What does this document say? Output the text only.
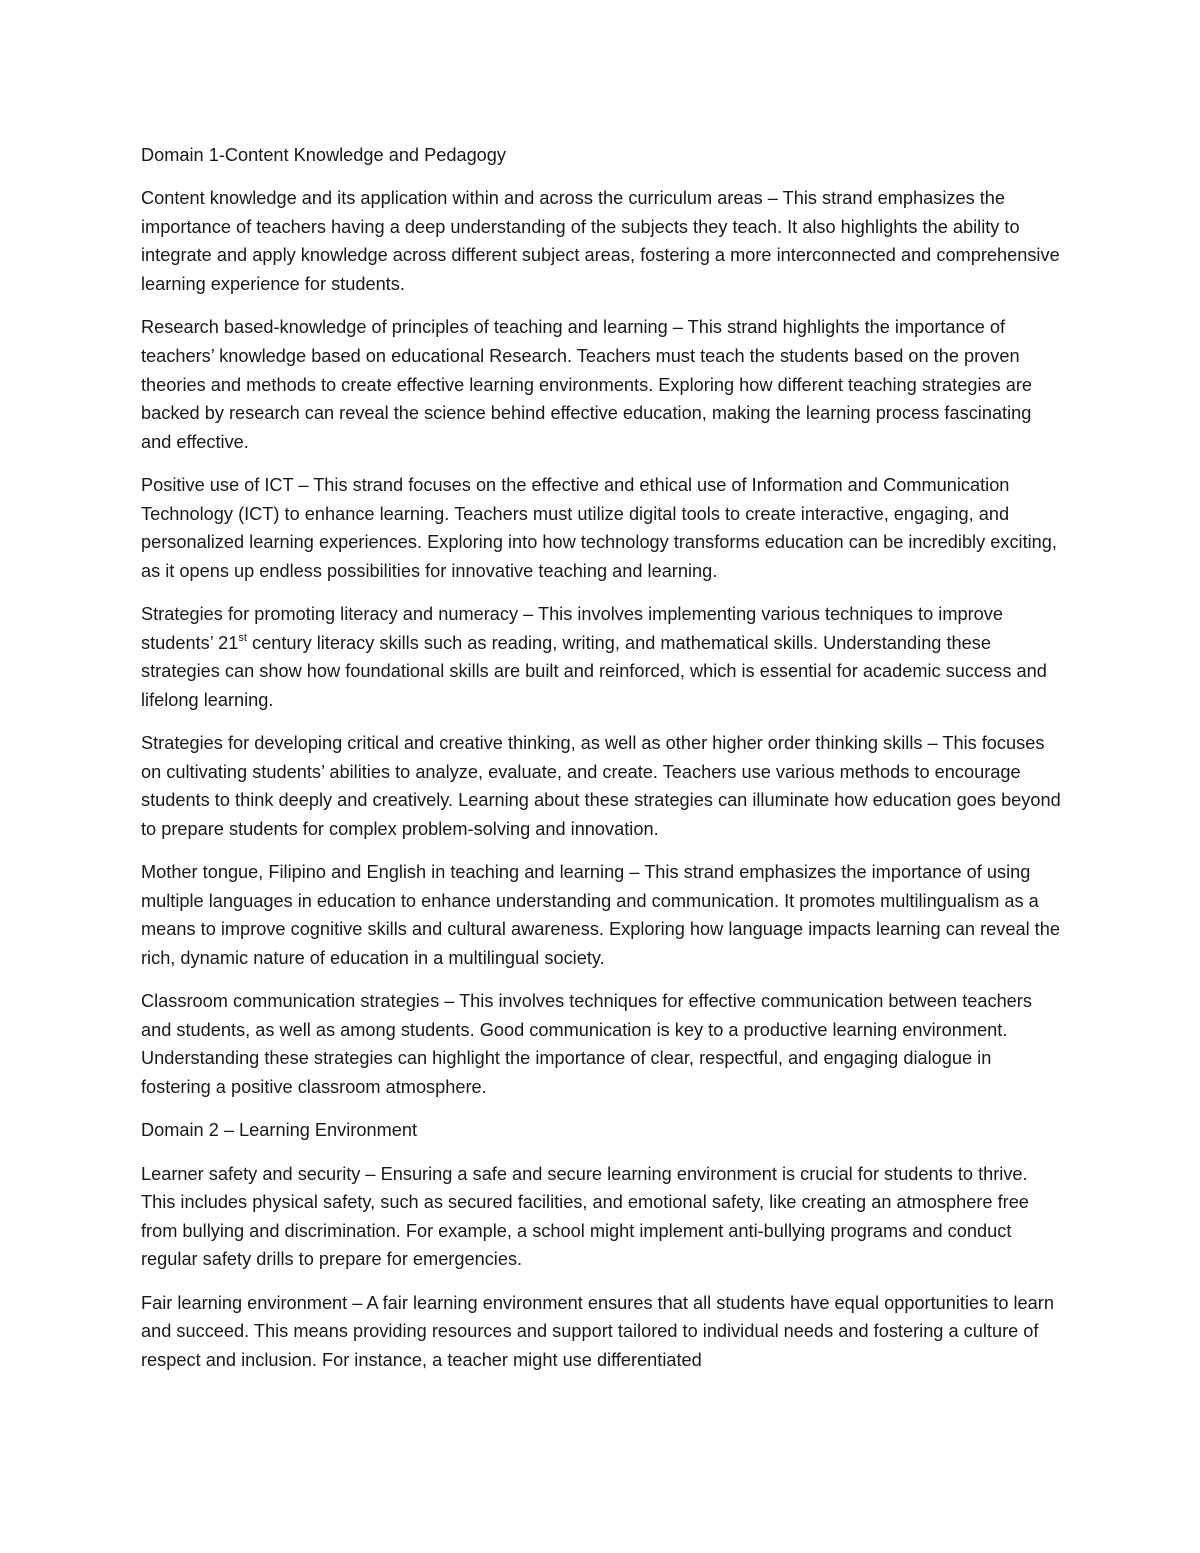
Domain 1-Content Knowledge and Pedagogy

Content knowledge and its application within and across the curriculum areas – This strand emphasizes the importance of teachers having a deep understanding of the subjects they teach. It also highlights the ability to integrate and apply knowledge across different subject areas, fostering a more interconnected and comprehensive learning experience for students.

Research based-knowledge of principles of teaching and learning – This strand highlights the importance of teachers’ knowledge based on educational Research. Teachers must teach the students based on the proven theories and methods to create effective learning environments. Exploring how different teaching strategies are backed by research can reveal the science behind effective education, making the learning process fascinating and effective.

Positive use of ICT – This strand focuses on the effective and ethical use of Information and Communication Technology (ICT) to enhance learning. Teachers must utilize digital tools to create interactive, engaging, and personalized learning experiences. Exploring into how technology transforms education can be incredibly exciting, as it opens up endless possibilities for innovative teaching and learning.

Strategies for promoting literacy and numeracy – This involves implementing various techniques to improve students’ 21st century literacy skills such as reading, writing, and mathematical skills. Understanding these strategies can show how foundational skills are built and reinforced, which is essential for academic success and lifelong learning.

Strategies for developing critical and creative thinking, as well as other higher order thinking skills – This focuses on cultivating students’ abilities to analyze, evaluate, and create. Teachers use various methods to encourage students to think deeply and creatively. Learning about these strategies can illuminate how education goes beyond to prepare students for complex problem-solving and innovation.

Mother tongue, Filipino and English in teaching and learning – This strand emphasizes the importance of using multiple languages in education to enhance understanding and communication. It promotes multilingualism as a means to improve cognitive skills and cultural awareness. Exploring how language impacts learning can reveal the rich, dynamic nature of education in a multilingual society.

Classroom communication strategies – This involves techniques for effective communication between teachers and students, as well as among students. Good communication is key to a productive learning environment. Understanding these strategies can highlight the importance of clear, respectful, and engaging dialogue in fostering a positive classroom atmosphere.

Domain 2 – Learning Environment

Learner safety and security – Ensuring a safe and secure learning environment is crucial for students to thrive. This includes physical safety, such as secured facilities, and emotional safety, like creating an atmosphere free from bullying and discrimination. For example, a school might implement anti-bullying programs and conduct regular safety drills to prepare for emergencies.

Fair learning environment – A fair learning environment ensures that all students have equal opportunities to learn and succeed. This means providing resources and support tailored to individual needs and fostering a culture of respect and inclusion. For instance, a teacher might use differentiated
